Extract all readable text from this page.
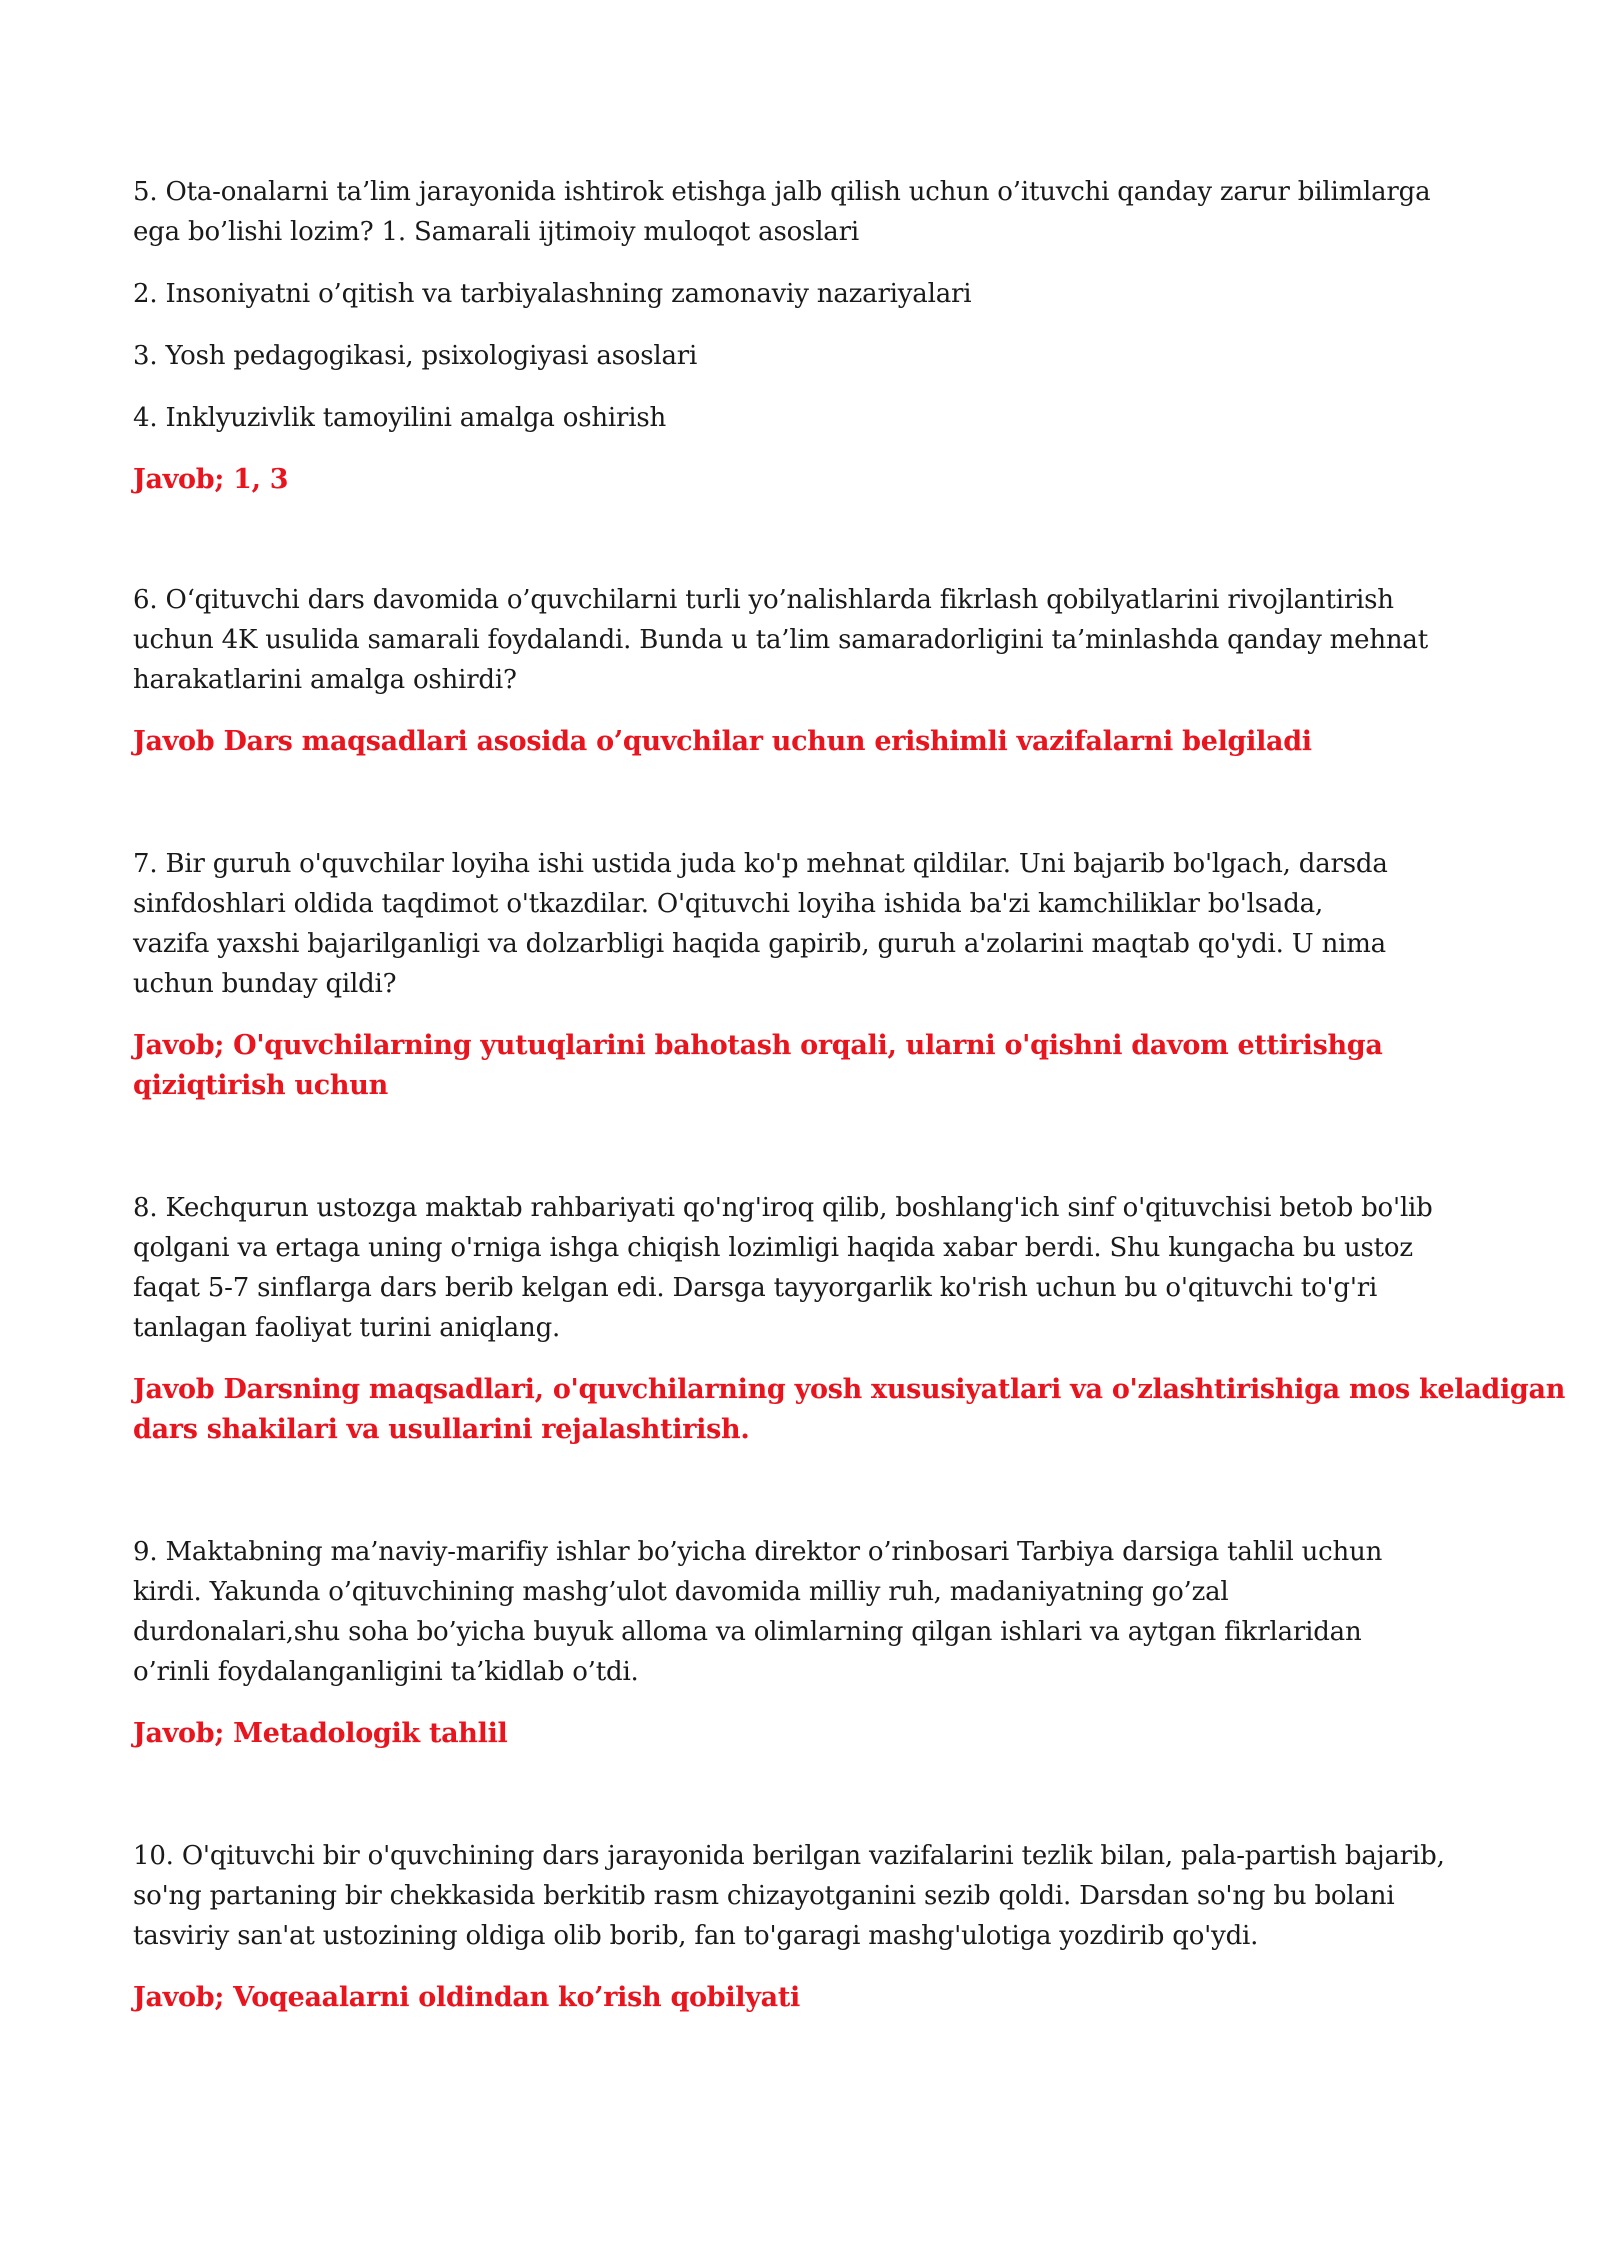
5. Ota-onalarni ta’lim jarayonida ishtirok etishga jalb qilish uchun o’ituvchi qanday zarur bilimlarga
ega bo’lishi lozim? 1. Samarali ijtimoiy muloqot asoslari

2. Insoniyatni o’qitish va tarbiyalashning zamonaviy nazariyalari

3. Yosh pedagogikasi, psixologiyasi asoslari

4. Inklyuzivlik tamoyilini amalga oshirish

Javob; 1, 3

6. O‘qituvchi dars davomida o’quvchilarni turli yo’nalishlarda fikrlash qobilyatlarini rivojlantirish
uchun 4K usulida samarali foydalandi. Bunda u ta’lim samaradorligini ta’minlashda qanday mehnat
harakatlarini amalga oshirdi?

Javob Dars maqsadlari asosida o’quvchilar uchun erishimli vazifalarni belgiladi

7. Bir guruh o'quvchilar loyiha ishi ustida juda ko'p mehnat qildilar. Uni bajarib bo'lgach, darsda
sinfdoshlari oldida taqdimot o'tkazdilar. O'qituvchi loyiha ishida ba'zi kamchiliklar bo'lsada,
vazifa yaxshi bajarilganligi va dolzarbligi haqida gapirib, guruh a'zolarini maqtab qo'ydi. U nima
uchun bunday qildi?

Javob; O'quvchilarning yutuqlarini bahotash orqali, ularni o'qishni davom ettirishga
qiziqtirish uchun

8. Kechqurun ustozga maktab rahbariyati qo'ng'iroq qilib, boshlang'ich sinf o'qituvchisi betob bo'lib
qolgani va ertaga uning o'rniga ishga chiqish lozimligi haqida xabar berdi. Shu kungacha bu ustoz
faqat 5-7 sinflarga dars berib kelgan edi. Darsga tayyorgarlik ko'rish uchun bu o'qituvchi to'g'ri
tanlagan faoliyat turini aniqlang.

Javob Darsning maqsadlari, o'quvchilarning yosh xususiyatlari va o'zlashtirishiga mos keladigan
dars shakilari va usullarini rejalashtirish.

9. Maktabning ma’naviy-marifiy ishlar bo’yicha direktor o’rinbosari Tarbiya darsiga tahlil uchun
kirdi. Yakunda o’qituvchining mashg’ulot davomida milliy ruh, madaniyatning go’zal
durdonalari,shu soha bo’yicha buyuk alloma va olimlarning qilgan ishlari va aytgan fikrlaridan
o’rinli foydalanganligini ta’kidlab o’tdi.

Javob; Metadologik tahlil

10. O'qituvchi bir o'quvchining dars jarayonida berilgan vazifalarini tezlik bilan, pala-partish bajarib,
so'ng partaning bir chekkasida berkitib rasm chizayotganini sezib qoldi. Darsdan so'ng bu bolani
tasviriy san'at ustozining oldiga olib borib, fan to'garagi mashg'ulotiga yozdirib qo'ydi.

Javob; Voqeaalarni oldindan ko’rish qobilyati
